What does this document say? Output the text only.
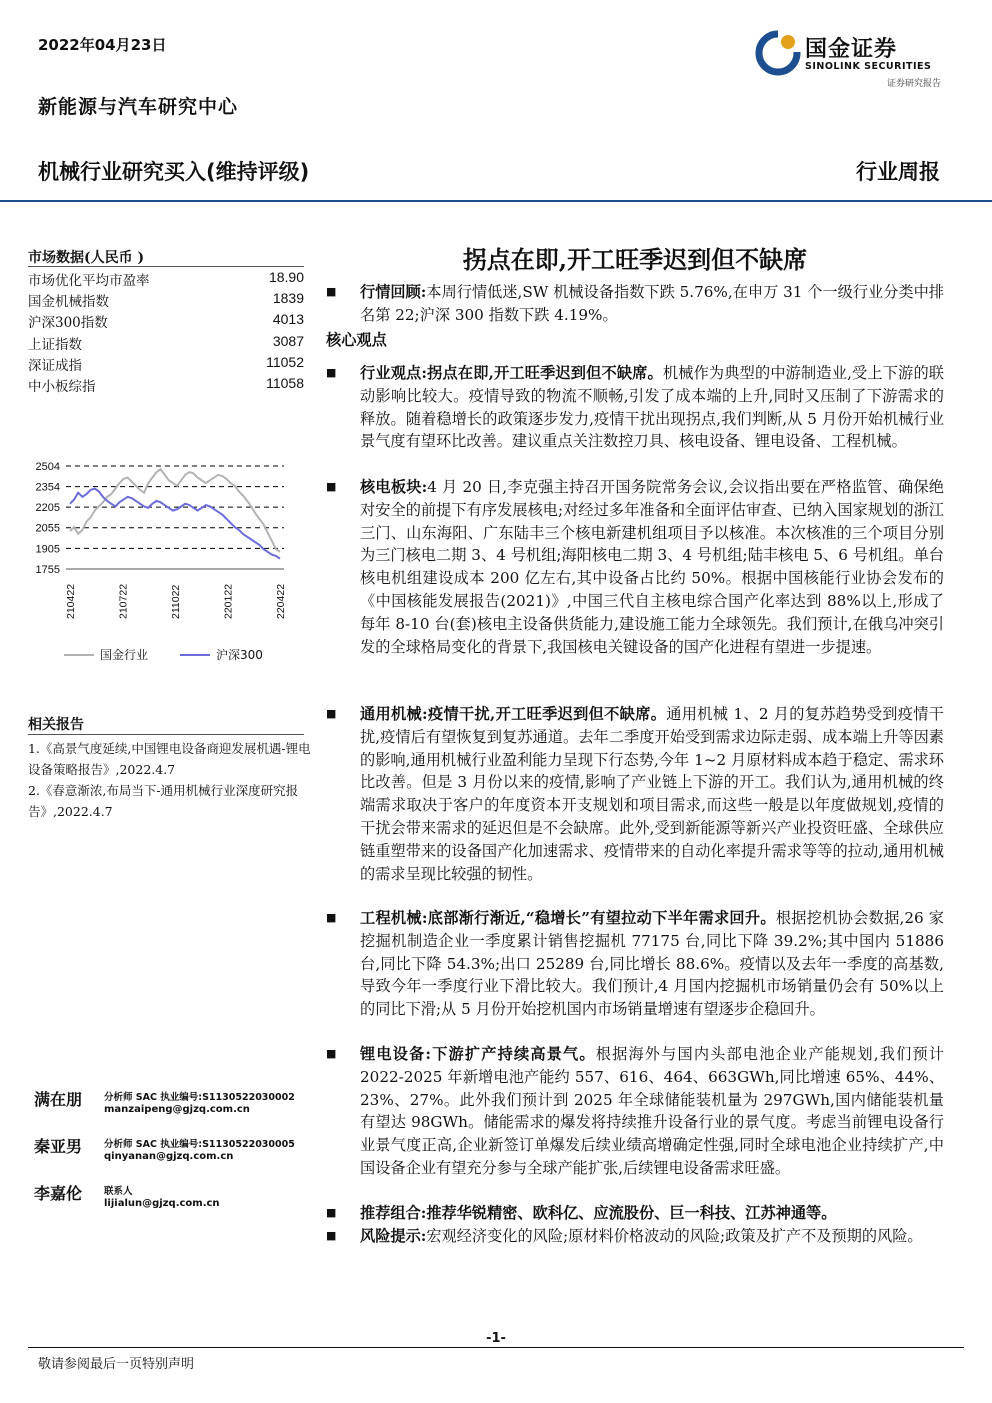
2022年04月23日
新能源与汽车研究中心
机械行业研究买入(维持评级)	行业周报
国金证券
SINOLINK SECURITIES
证券研究报告
市场数据(人民币 )
市场优化平均市盈率	18.90
国金机械指数	1839
沪深300指数	4013
上证指数	3087
深证成指	11052
中小板综指	11058
2504
2354
2205
2055
1905
1755
210422	210722	211022	220122	220422
国金行业	沪深300
相关报告
1.《高景气度延续,中国锂电设备商迎发展机遇-锂电设备策略报告》,2022.4.7
2.《春意渐浓,布局当下-通用机械行业深度研究报告》,2022.4.7
满在朋 分析师 SAC 执业编号:S1130522030002
manzaipeng@gjzq.com.cn
秦亚男 分析师 SAC 执业编号:S1130522030005
qinyanan@gjzq.com.cn
李嘉伦 联系人
lijialun@gjzq.com.cn
拐点在即,开工旺季迟到但不缺席
■ 行情回顾:本周行情低迷,SW 机械设备指数下跌 5.76%,在申万 31 个一级行业分类中排名第 22;沪深 300 指数下跌 4.19%。
核心观点
■ 行业观点:拐点在即,开工旺季迟到但不缺席。机械作为典型的中游制造业,受上下游的联动影响比较大。疫情导致的物流不顺畅,引发了成本端的上升,同时又压制了下游需求的释放。随着稳增长的政策逐步发力,疫情干扰出现拐点,我们判断,从 5 月份开始机械行业景气度有望环比改善。建议重点关注数控刀具、核电设备、锂电设备、工程机械。
■ 核电板块:4 月 20 日,李克强主持召开国务院常务会议,会议指出要在严格监管、确保绝对安全的前提下有序发展核电;对经过多年准备和全面评估审查、已纳入国家规划的浙江三门、山东海阳、广东陆丰三个核电新建机组项目予以核准。本次核准的三个项目分别为三门核电二期 3、4 号机组;海阳核电二期 3、4 号机组;陆丰核电 5、6 号机组。单台核电机组建设成本 200 亿左右,其中设备占比约 50%。根据中国核能行业协会发布的《中国核能发展报告(2021)》,中国三代自主核电综合国产化率达到 88%以上,形成了每年 8-10 台(套)核电主设备供货能力,建设施工能力全球领先。我们预计,在俄乌冲突引发的全球格局变化的背景下,我国核电关键设备的国产化进程有望进一步提速。
■ 通用机械:疫情干扰,开工旺季迟到但不缺席。通用机械 1、2 月的复苏趋势受到疫情干扰,疫情后有望恢复到复苏通道。去年二季度开始受到需求边际走弱、成本端上升等因素的影响,通用机械行业盈利能力呈现下行态势,今年 1~2 月原材料成本趋于稳定、需求环比改善。但是 3 月份以来的疫情,影响了产业链上下游的开工。我们认为,通用机械的终端需求取决于客户的年度资本开支规划和项目需求,而这些一般是以年度做规划,疫情的干扰会带来需求的延迟但是不会缺席。此外,受到新能源等新兴产业投资旺盛、全球供应链重塑带来的设备国产化加速需求、疫情带来的自动化率提升需求等等的拉动,通用机械的需求呈现比较强的韧性。
■ 工程机械:底部渐行渐近,“稳增长”有望拉动下半年需求回升。根据挖机协会数据,26 家挖掘机制造企业一季度累计销售挖掘机 77175 台,同比下降 39.2%;其中国内 51886 台,同比下降 54.3%;出口 25289 台,同比增长 88.6%。疫情以及去年一季度的高基数,导致今年一季度行业下滑比较大。我们预计,4 月国内挖掘机市场销量仍会有 50%以上的同比下滑;从 5 月份开始挖机国内市场销量增速有望逐步企稳回升。
■ 锂电设备:下游扩产持续高景气。根据海外与国内头部电池企业产能规划,我们预计 2022-2025 年新增电池产能约 557、616、464、663GWh,同比增速 65%、44%、23%、27%。此外我们预计到 2025 年全球储能装机量为 297GWh,国内储能装机量有望达 98GWh。储能需求的爆发将持续推升设备行业的景气度。考虑当前锂电设备行业景气度正高,企业新签订单爆发后续业绩高增确定性强,同时全球电池企业持续扩产,中国设备企业有望充分参与全球产能扩张,后续锂电设备需求旺盛。
■ 推荐组合:推荐华锐精密、欧科亿、应流股份、巨一科技、江苏神通等。
■ 风险提示:宏观经济变化的风险;原材料价格波动的风险;政策及扩产不及预期的风险。
-1-
敬请参阅最后一页特别声明
